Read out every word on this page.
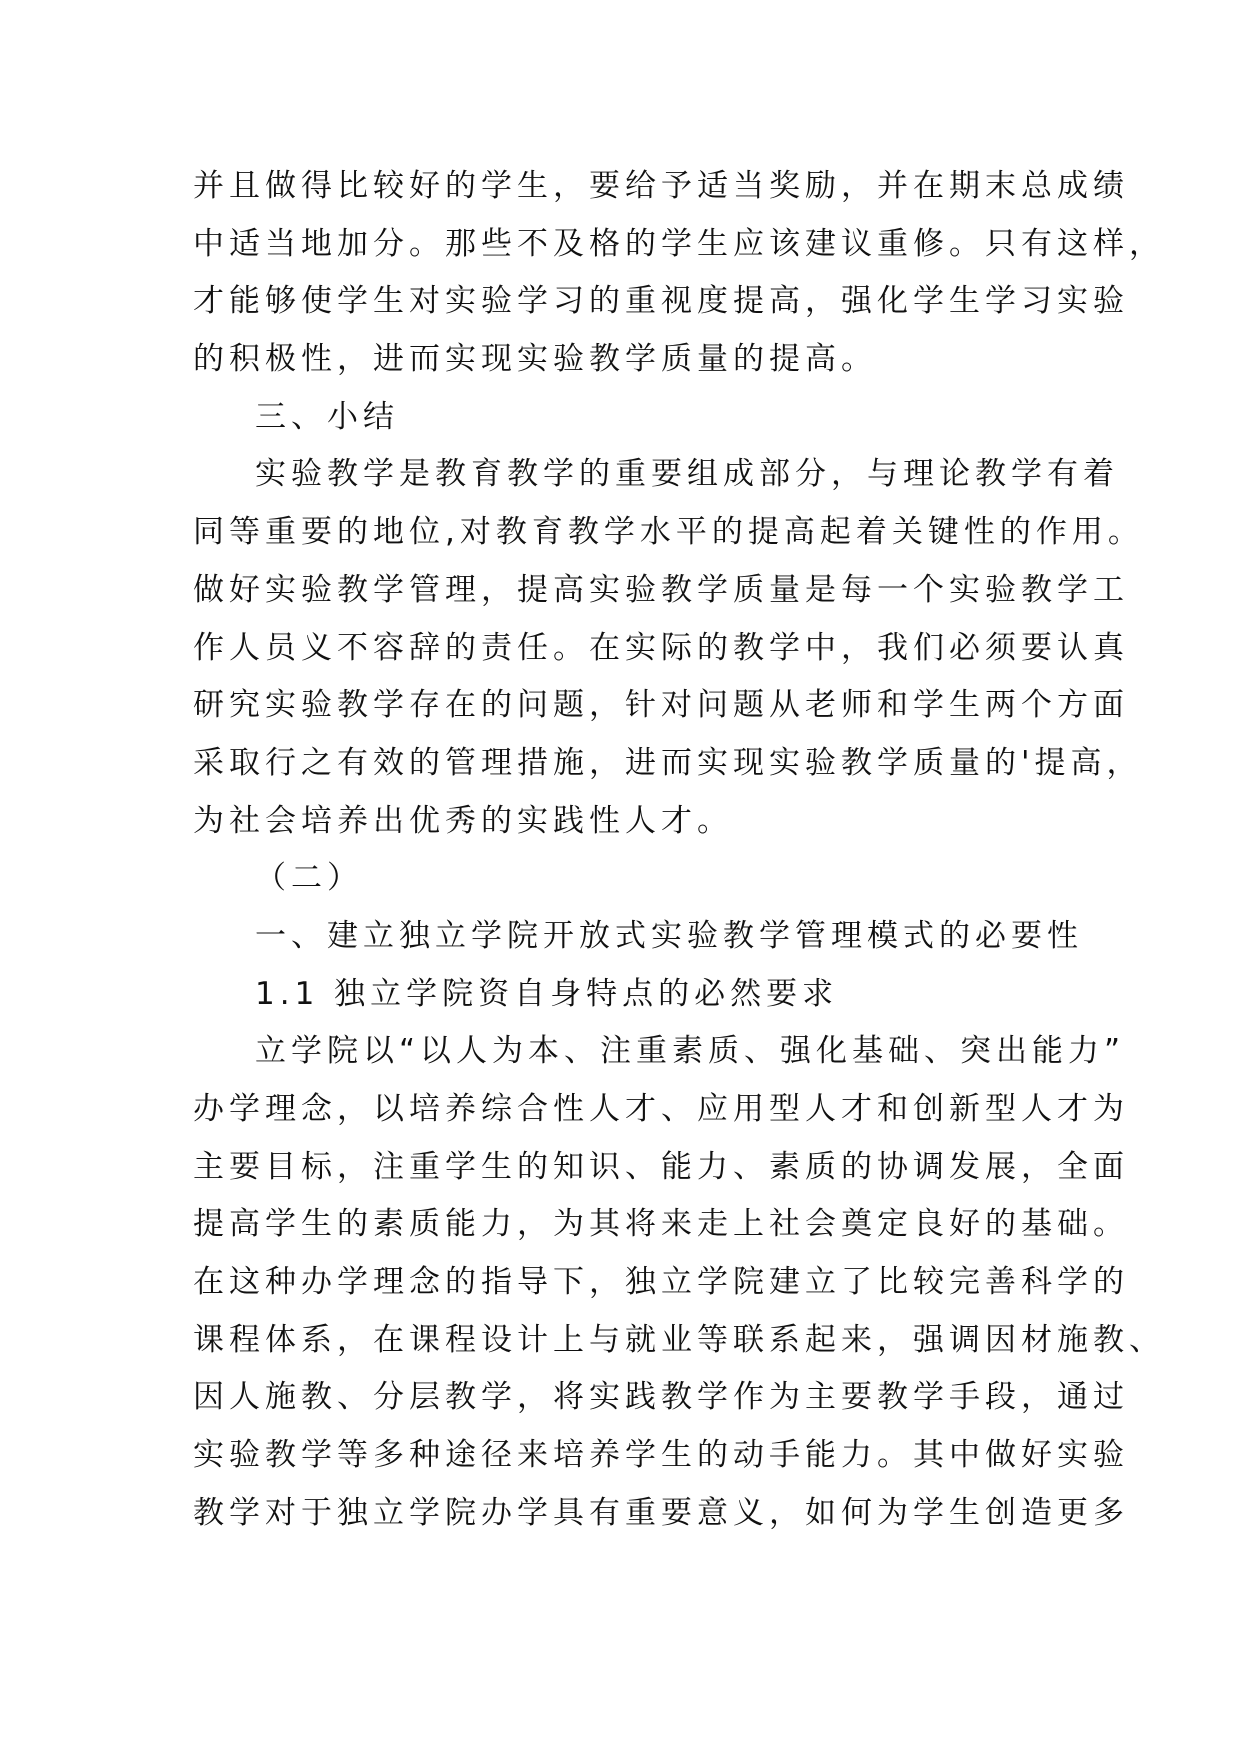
并且做得比较好的学生，要给予适当奖励，并在期末总成绩
中适当地加分。那些不及格的学生应该建议重修。只有这样，
才能够使学生对实验学习的重视度提高，强化学生学习实验
的积极性，进而实现实验教学质量的提高。
三、小结
实验教学是教育教学的重要组成部分，与理论教学有着
同等重要的地位,对教育教学水平的提高起着关键性的作用。
做好实验教学管理，提高实验教学质量是每一个实验教学工
作人员义不容辞的责任。在实际的教学中，我们必须要认真
研究实验教学存在的问题，针对问题从老师和学生两个方面
采取行之有效的管理措施，进而实现实验教学质量的'提高，
为社会培养出优秀的实践性人才。
（二）
一、建立独立学院开放式实验教学管理模式的必要性
1.1 独立学院资自身特点的必然要求
立学院以“以人为本、注重素质、强化基础、突出能力”
办学理念，以培养综合性人才、应用型人才和创新型人才为
主要目标，注重学生的知识、能力、素质的协调发展，全面
提高学生的素质能力，为其将来走上社会奠定良好的基础。
在这种办学理念的指导下，独立学院建立了比较完善科学的
课程体系，在课程设计上与就业等联系起来，强调因材施教、
因人施教、分层教学，将实践教学作为主要教学手段，通过
实验教学等多种途径来培养学生的动手能力。其中做好实验
教学对于独立学院办学具有重要意义，如何为学生创造更多
